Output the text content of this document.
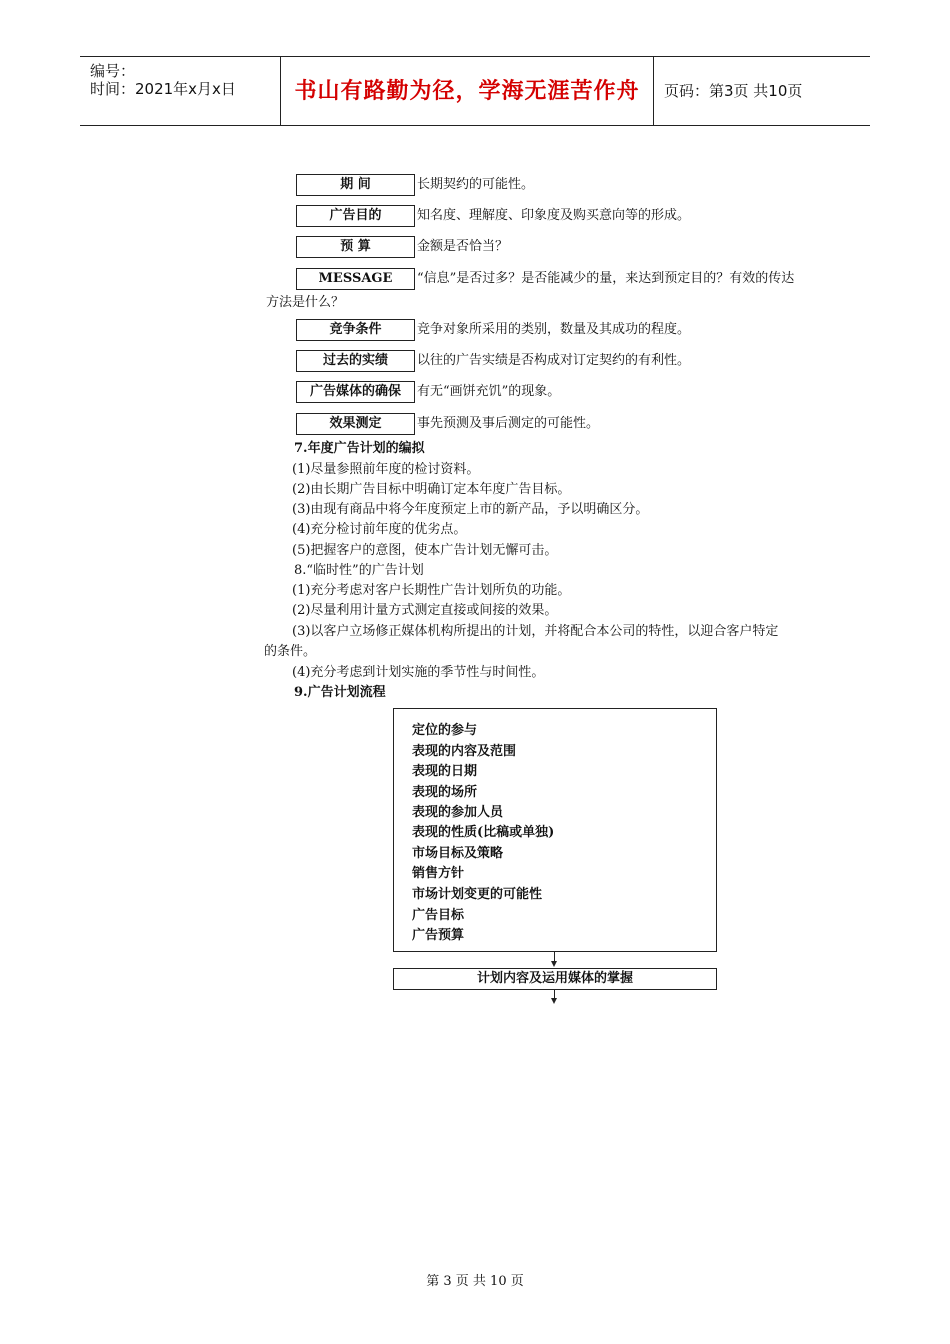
编号：
时间：2021年x月x日	书山有路勤为径，学海无涯苦作舟	页码：第3页 共10页
期 间	长期契约的可能性。
广告目的	知名度、理解度、印象度及购买意向等的形成。
预 算	金额是否恰当？
MESSAGE	“信息”是否过多？是否能减少的量，来达到预定目的？有效的传达
方法是什么？
竞争条件	竞争对象所采用的类别，数量及其成功的程度。
过去的实绩	以往的广告实绩是否构成对订定契约的有利性。
广告媒体的确保	有无“画饼充饥”的现象。
效果测定	事先预测及事后测定的可能性。
7.年度广告计划的编拟
(1)尽量参照前年度的检讨资料。
(2)由长期广告目标中明确订定本年度广告目标。
(3)由现有商品中将今年度预定上市的新产品，予以明确区分。
(4)充分检讨前年度的优劣点。
(5)把握客户的意图，使本广告计划无懈可击。
8.“临时性”的广告计划
(1)充分考虑对客户长期性广告计划所负的功能。
(2)尽量利用计量方式测定直接或间接的效果。
(3)以客户立场修正媒体机构所提出的计划，并将配合本公司的特性，以迎合客户特定
的条件。
(4)充分考虑到计划实施的季节性与时间性。
9.广告计划流程
定位的参与
表现的内容及范围
表现的日期
表现的场所
表现的参加人员
表现的性质(比稿或单独)
市场目标及策略
销售方针
市场计划变更的可能性
广告目标
广告预算
计划内容及运用媒体的掌握
第 3 页 共 10 页
